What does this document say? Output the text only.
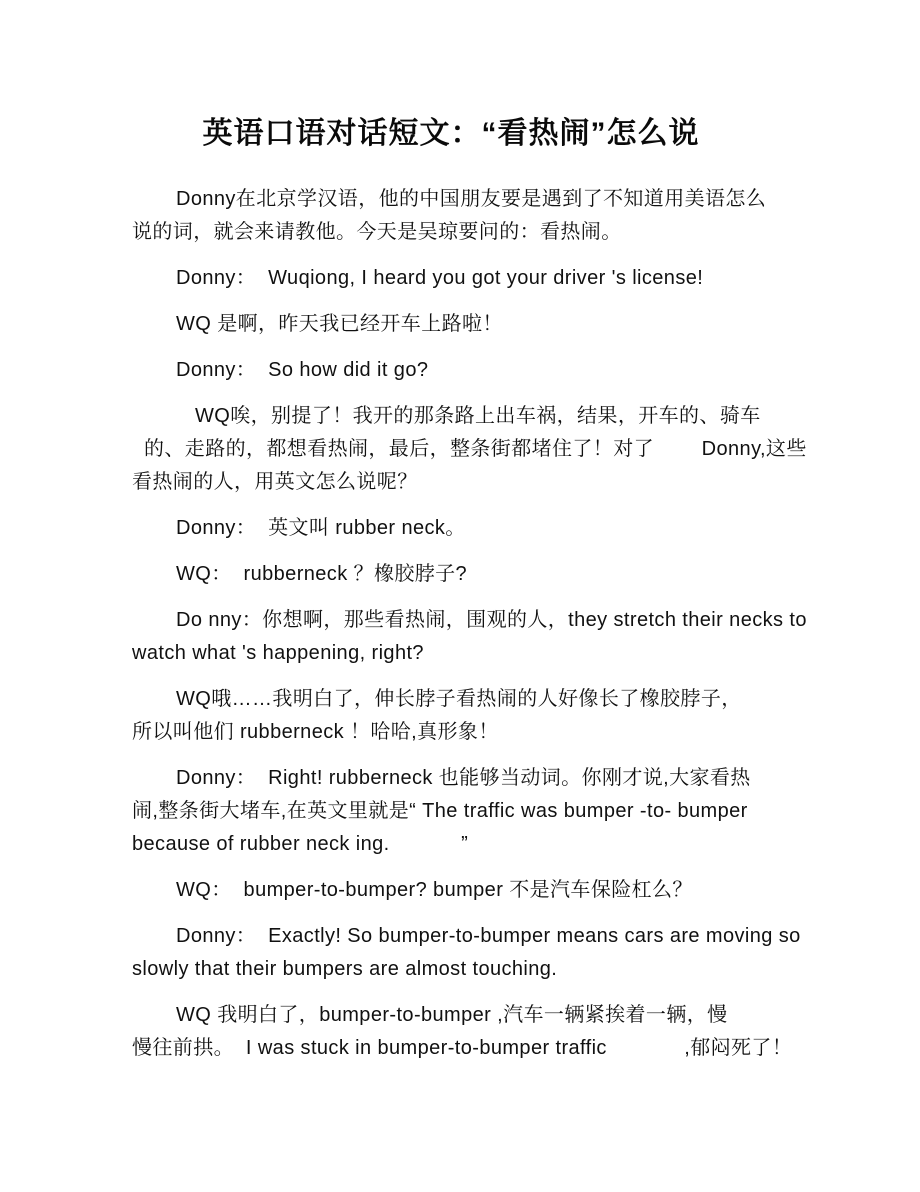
英语口语对话短文：“看热闹”怎么说
Donny在北京学汉语，他的中国朋友要是遇到了不知道用美语怎么
说的词，就会来请教他。今天是吴琼要问的：看热闹。
Donny：  Wuqiong, I heard you got your driver 's license!
WQ 是啊，昨天我已经开车上路啦！
Donny：  So how did it go?
WQ唉，别提了！我开的那条路上出车祸，结果，开车的、骑车
的、走路的，都想看热闹，最后，整条街都堵住了！对了        Donny,这些
看热闹的人，用英文怎么说呢？
Donny：  英文叫 rubber neck。
WQ：  rubberneck ？橡胶脖子?
Do nny：你想啊，那些看热闹，围观的人，they stretch their necks to
watch what 's happening, right?
WQ哦……我明白了，伸长脖子看热闹的人好像长了橡胶脖子，
所以叫他们 rubberneck ！哈哈,真形象！
Donny：  Right! rubberneck 也能够当动词。你刚才说,大家看热
闹,整条街大堵车,在英文里就是“ The traffic was bumper -to- bumper
because of rubber neck ing.            ”
WQ：  bumper-to-bumper? bumper 不是汽车保险杠么？
Donny：  Exactly! So bumper-to-bumper means cars are moving so
slowly that their bumpers are almost touching.
WQ 我明白了，bumper-to-bumper ,汽车一辆紧挨着一辆，慢
慢往前拱。  I was stuck in bumper-to-bumper traffic             ,郁闷死了！
